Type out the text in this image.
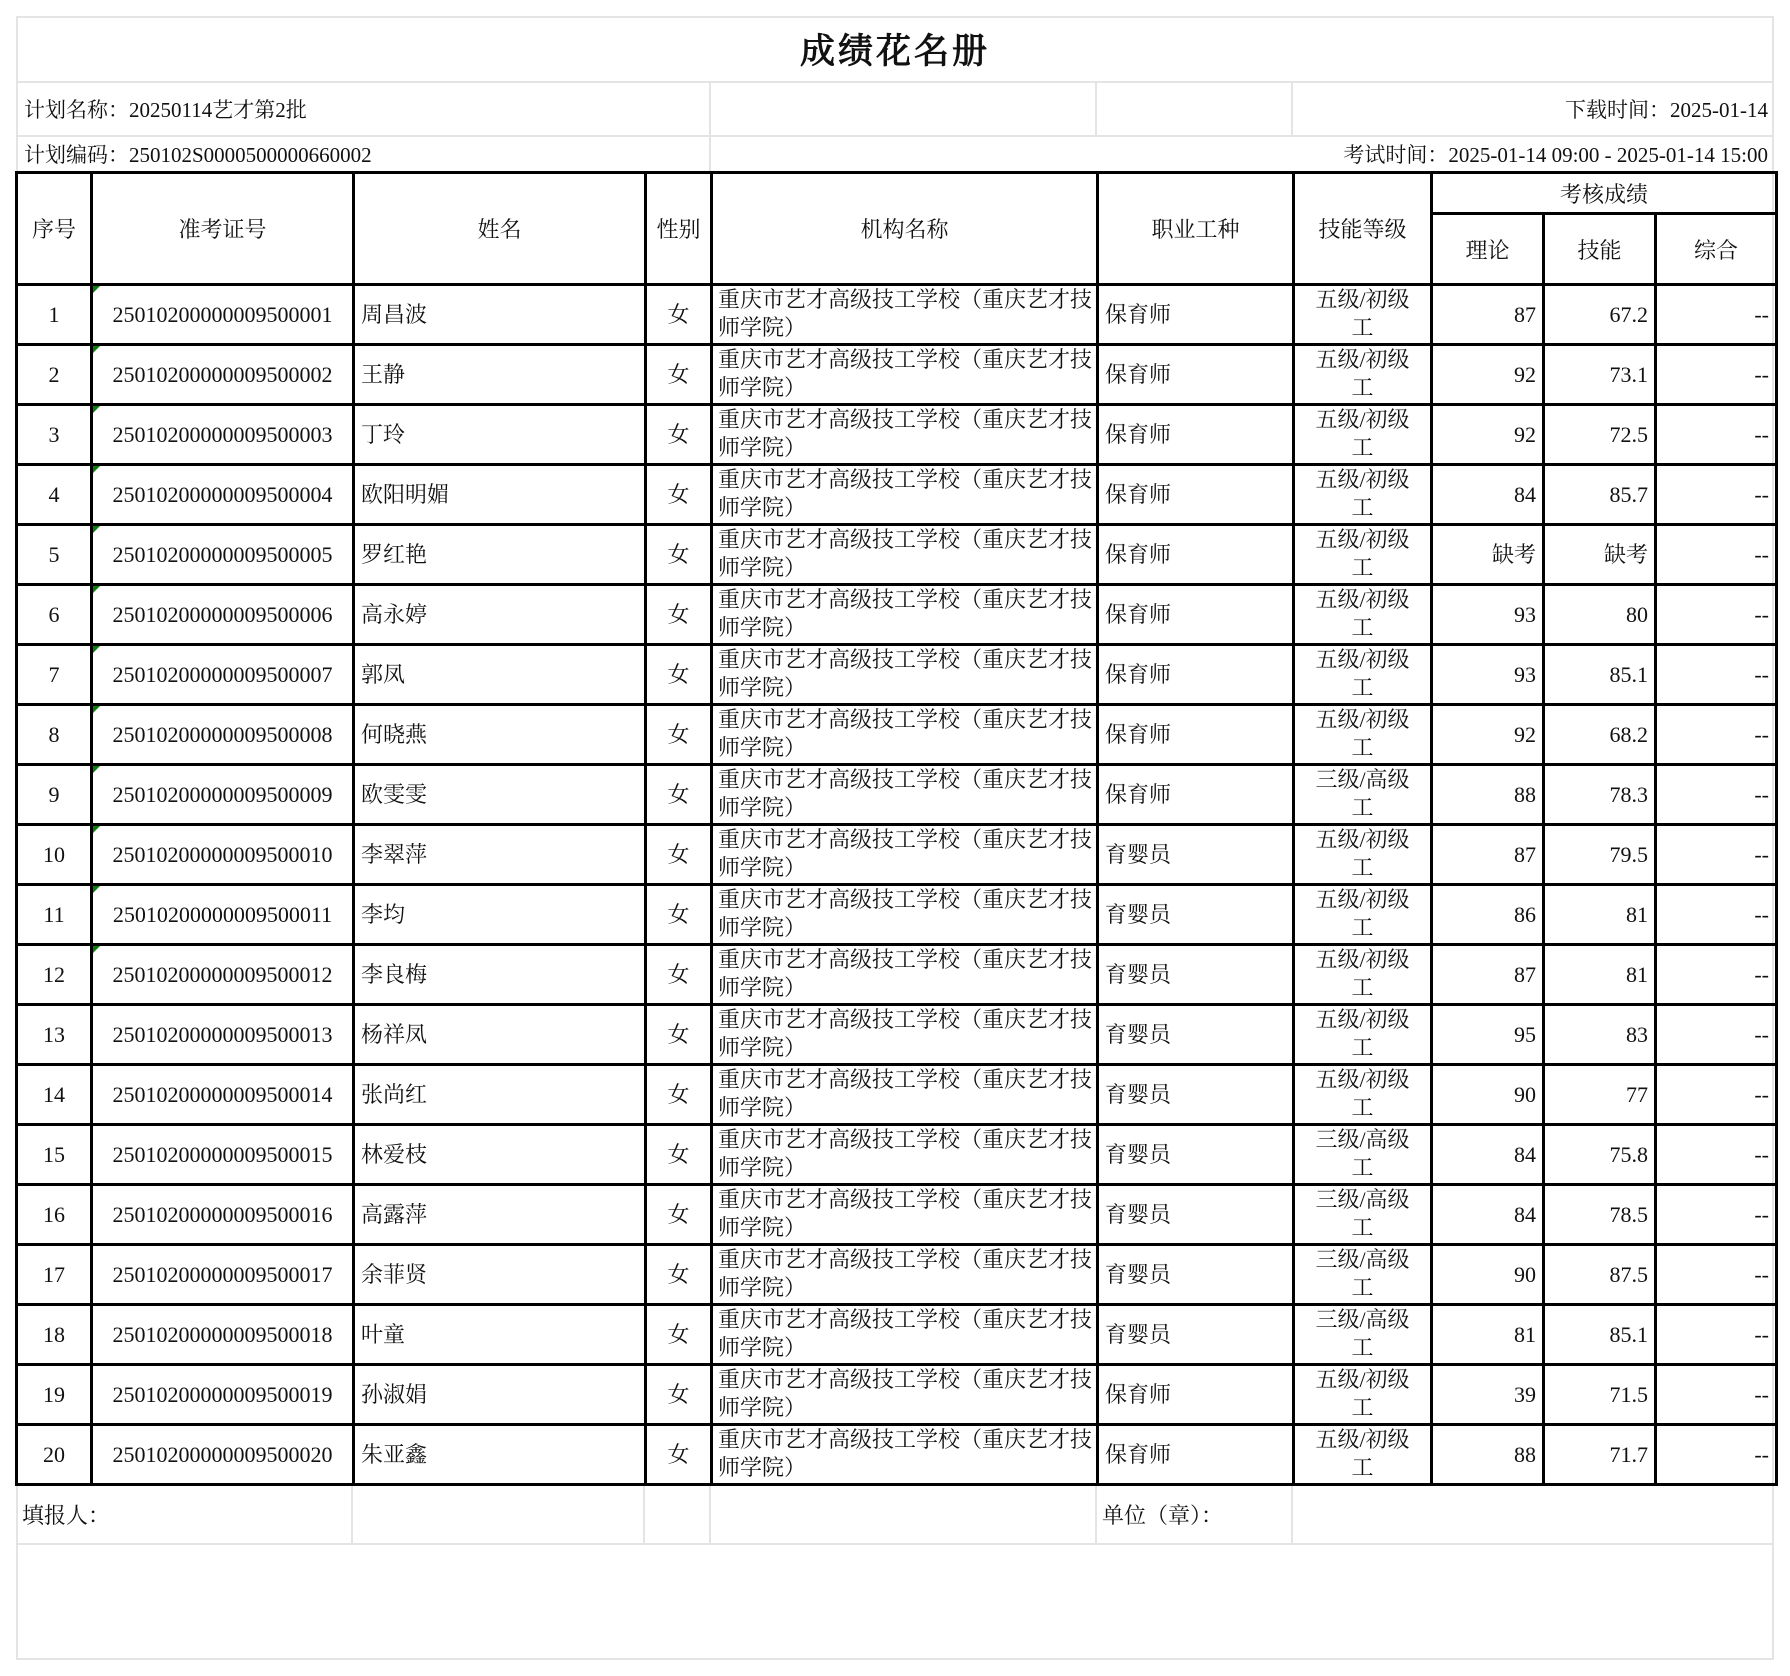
成绩花名册
计划名称：20250114艺才第2批	下载时间：2025-01-14
计划编码：250102S0000500000660002	考试时间：2025-01-14 09:00 - 2025-01-14 15:00
序号	准考证号	姓名	性别	机构名称	职业工种	技能等级	考核成绩		
							理论	技能	综合
1	25010200000009500001	周昌波	女	重庆市艺才高级技工学校（重庆艺才技师学院）	保育师	五级/初级工	87	67.2	--
2	25010200000009500002	王静	女	重庆市艺才高级技工学校（重庆艺才技师学院）	保育师	五级/初级工	92	73.1	--
3	25010200000009500003	丁玲	女	重庆市艺才高级技工学校（重庆艺才技师学院）	保育师	五级/初级工	92	72.5	--
4	25010200000009500004	欧阳明媚	女	重庆市艺才高级技工学校（重庆艺才技师学院）	保育师	五级/初级工	84	85.7	--
5	25010200000009500005	罗红艳	女	重庆市艺才高级技工学校（重庆艺才技师学院）	保育师	五级/初级工	缺考	缺考	--
6	25010200000009500006	高永婷	女	重庆市艺才高级技工学校（重庆艺才技师学院）	保育师	五级/初级工	93	80	--
7	25010200000009500007	郭凤	女	重庆市艺才高级技工学校（重庆艺才技师学院）	保育师	五级/初级工	93	85.1	--
8	25010200000009500008	何晓燕	女	重庆市艺才高级技工学校（重庆艺才技师学院）	保育师	五级/初级工	92	68.2	--
9	25010200000009500009	欧雯雯	女	重庆市艺才高级技工学校（重庆艺才技师学院）	保育师	三级/高级工	88	78.3	--
10	25010200000009500010	李翠萍	女	重庆市艺才高级技工学校（重庆艺才技师学院）	育婴员	五级/初级工	87	79.5	--
11	25010200000009500011	李均	女	重庆市艺才高级技工学校（重庆艺才技师学院）	育婴员	五级/初级工	86	81	--
12	25010200000009500012	李良梅	女	重庆市艺才高级技工学校（重庆艺才技师学院）	育婴员	五级/初级工	87	81	--
13	25010200000009500013	杨祥凤	女	重庆市艺才高级技工学校（重庆艺才技师学院）	育婴员	五级/初级工	95	83	--
14	25010200000009500014	张尚红	女	重庆市艺才高级技工学校（重庆艺才技师学院）	育婴员	五级/初级工	90	77	--
15	25010200000009500015	林爱枝	女	重庆市艺才高级技工学校（重庆艺才技师学院）	育婴员	三级/高级工	84	75.8	--
16	25010200000009500016	高露萍	女	重庆市艺才高级技工学校（重庆艺才技师学院）	育婴员	三级/高级工	84	78.5	--
17	25010200000009500017	余菲贤	女	重庆市艺才高级技工学校（重庆艺才技师学院）	育婴员	三级/高级工	90	87.5	--
18	25010200000009500018	叶童	女	重庆市艺才高级技工学校（重庆艺才技师学院）	育婴员	三级/高级工	81	85.1	--
19	25010200000009500019	孙淑娟	女	重庆市艺才高级技工学校（重庆艺才技师学院）	保育师	五级/初级工	39	71.5	--
20	25010200000009500020	朱亚鑫	女	重庆市艺才高级技工学校（重庆艺才技师学院）	保育师	五级/初级工	88	71.7	--
填报人：	单位（章）：
